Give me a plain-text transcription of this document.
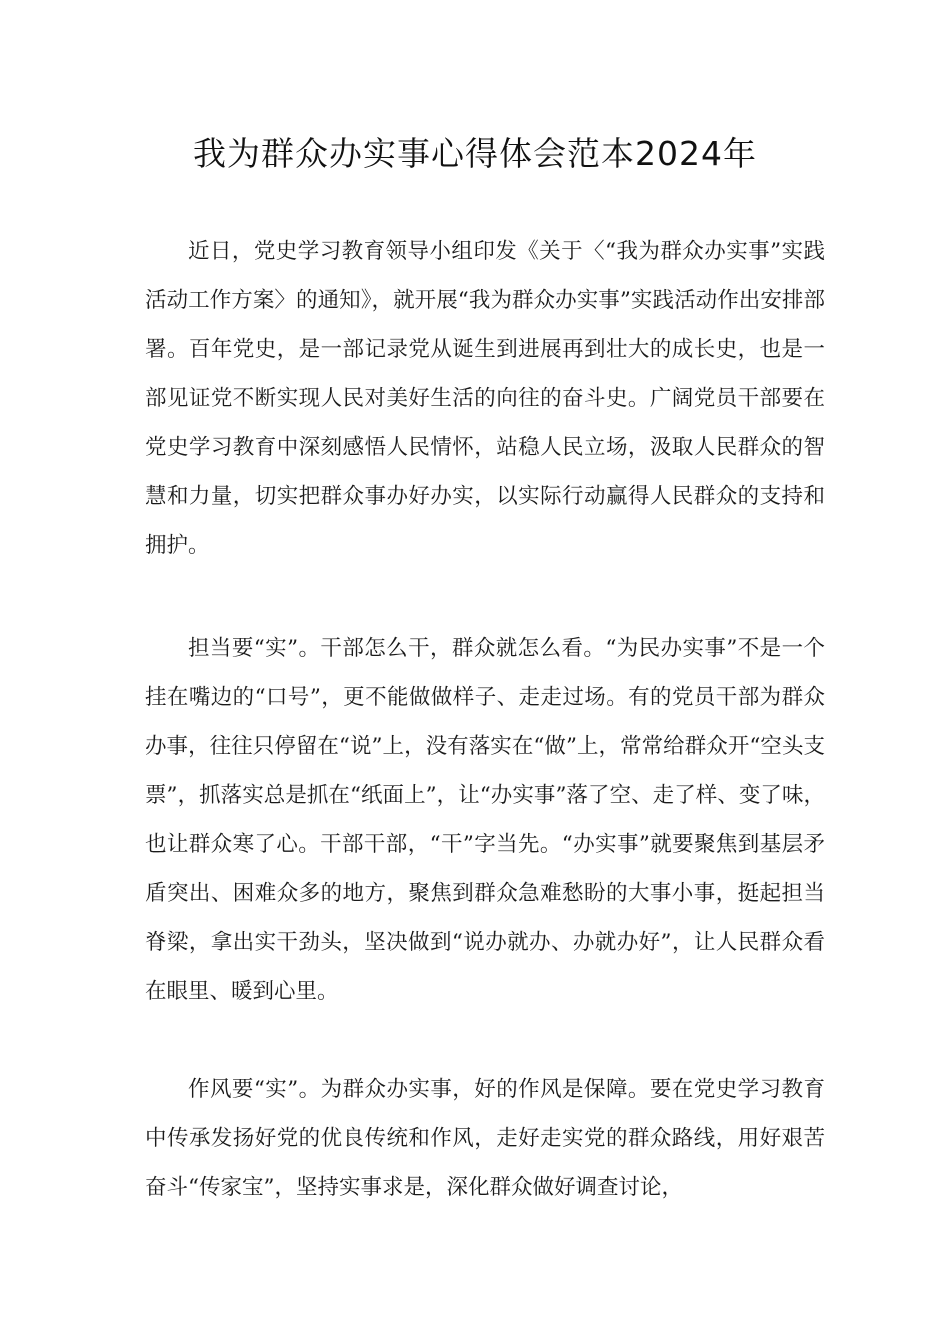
我为群众办实事心得体会范本2024年

近日，党史学习教育领导小组印发《关于〈“我为群众办实事”实践活动工作方案〉的通知》，就开展“我为群众办实事”实践活动作出安排部署。百年党史，是一部记录党从诞生到进展再到壮大的成长史，也是一部见证党不断实现人民对美好生活的向往的奋斗史。广阔党员干部要在党史学习教育中深刻感悟人民情怀，站稳人民立场，汲取人民群众的智慧和力量，切实把群众事办好办实，以实际行动赢得人民群众的支持和拥护。

担当要“实”。干部怎么干，群众就怎么看。“为民办实事”不是一个挂在嘴边的“口号”，更不能做做样子、走走过场。有的党员干部为群众办事，往往只停留在“说”上，没有落实在“做”上，常常给群众开“空头支票”，抓落实总是抓在“纸面上”，让“办实事”落了空、走了样、变了味，也让群众寒了心。干部干部，“干”字当先。“办实事”就要聚焦到基层矛盾突出、困难众多的地方，聚焦到群众急难愁盼的大事小事，挺起担当脊梁，拿出实干劲头，坚决做到“说办就办、办就办好”，让人民群众看在眼里、暖到心里。

作风要“实”。为群众办实事，好的作风是保障。要在党史学习教育中传承发扬好党的优良传统和作风，走好走实党的群众路线，用好艰苦奋斗“传家宝”，坚持实事求是，深化群众做好调查讨论，
